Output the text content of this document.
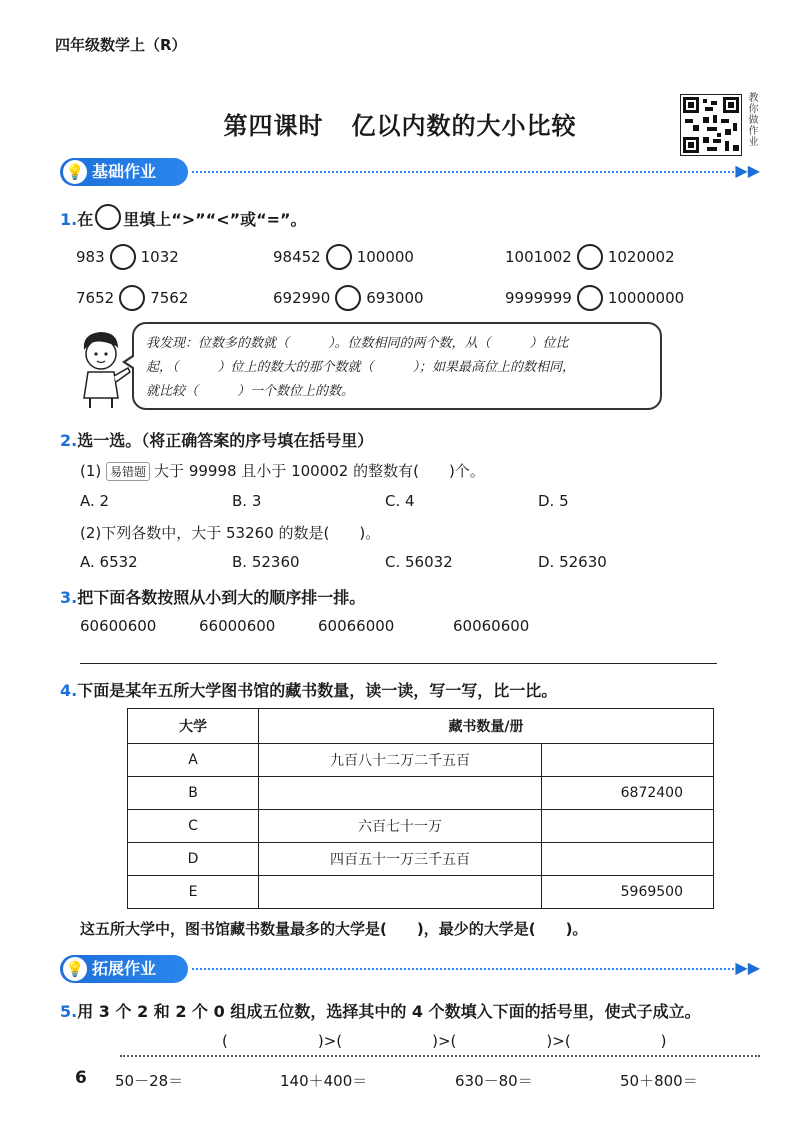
四年级数学上（R）
第四课时 亿以内数的大小比较	教你做作业
💡 基础作业	▶▶
1.在 里填上“>”“<”或“=”。
983 1032	98452 100000	1001002 1020002
7652 7562	692990 693000	9999999 10000000
我发现：位数多的数就（　　　）。位数相同的两个数，从（　　　）位比
起，（　　　）位上的数大的那个数就（　　　）；如果最高位上的数相同，
就比较（　　　）一个数位上的数。
2.选一选。（将正确答案的序号填在括号里）
(1) 易错题 大于 99998 且小于 100002 的整数有(　　)个。
A. 2	B. 3	C. 4	D. 5
(2)下列各数中，大于 53260 的数是(　　)。
A. 6532	B. 52360	C. 56032	D. 52630
3.把下面各数按照从小到大的顺序排一排。
60600600	66000600	60066000	60060600
4.下面是某年五所大学图书馆的藏书数量，读一读，写一写，比一比。
大学	藏书数量/册	
A	九百八十二万二千五百	
B		6872400
C	六百七十一万	
D	四百五十一万三千五百	
E		5969500
这五所大学中，图书馆藏书数量最多的大学是(　　)，最少的大学是(　　)。
💡 拓展作业	▶▶
5.用 3 个 2 和 2 个 0 组成五位数，选择其中的 4 个数填入下面的括号里，使式子成立。
(　　　　　　)>(　　　　　　)>(　　　　　　)>(　　　　　　)
6 50－28＝	140＋400＝	630－80＝	50＋800＝
